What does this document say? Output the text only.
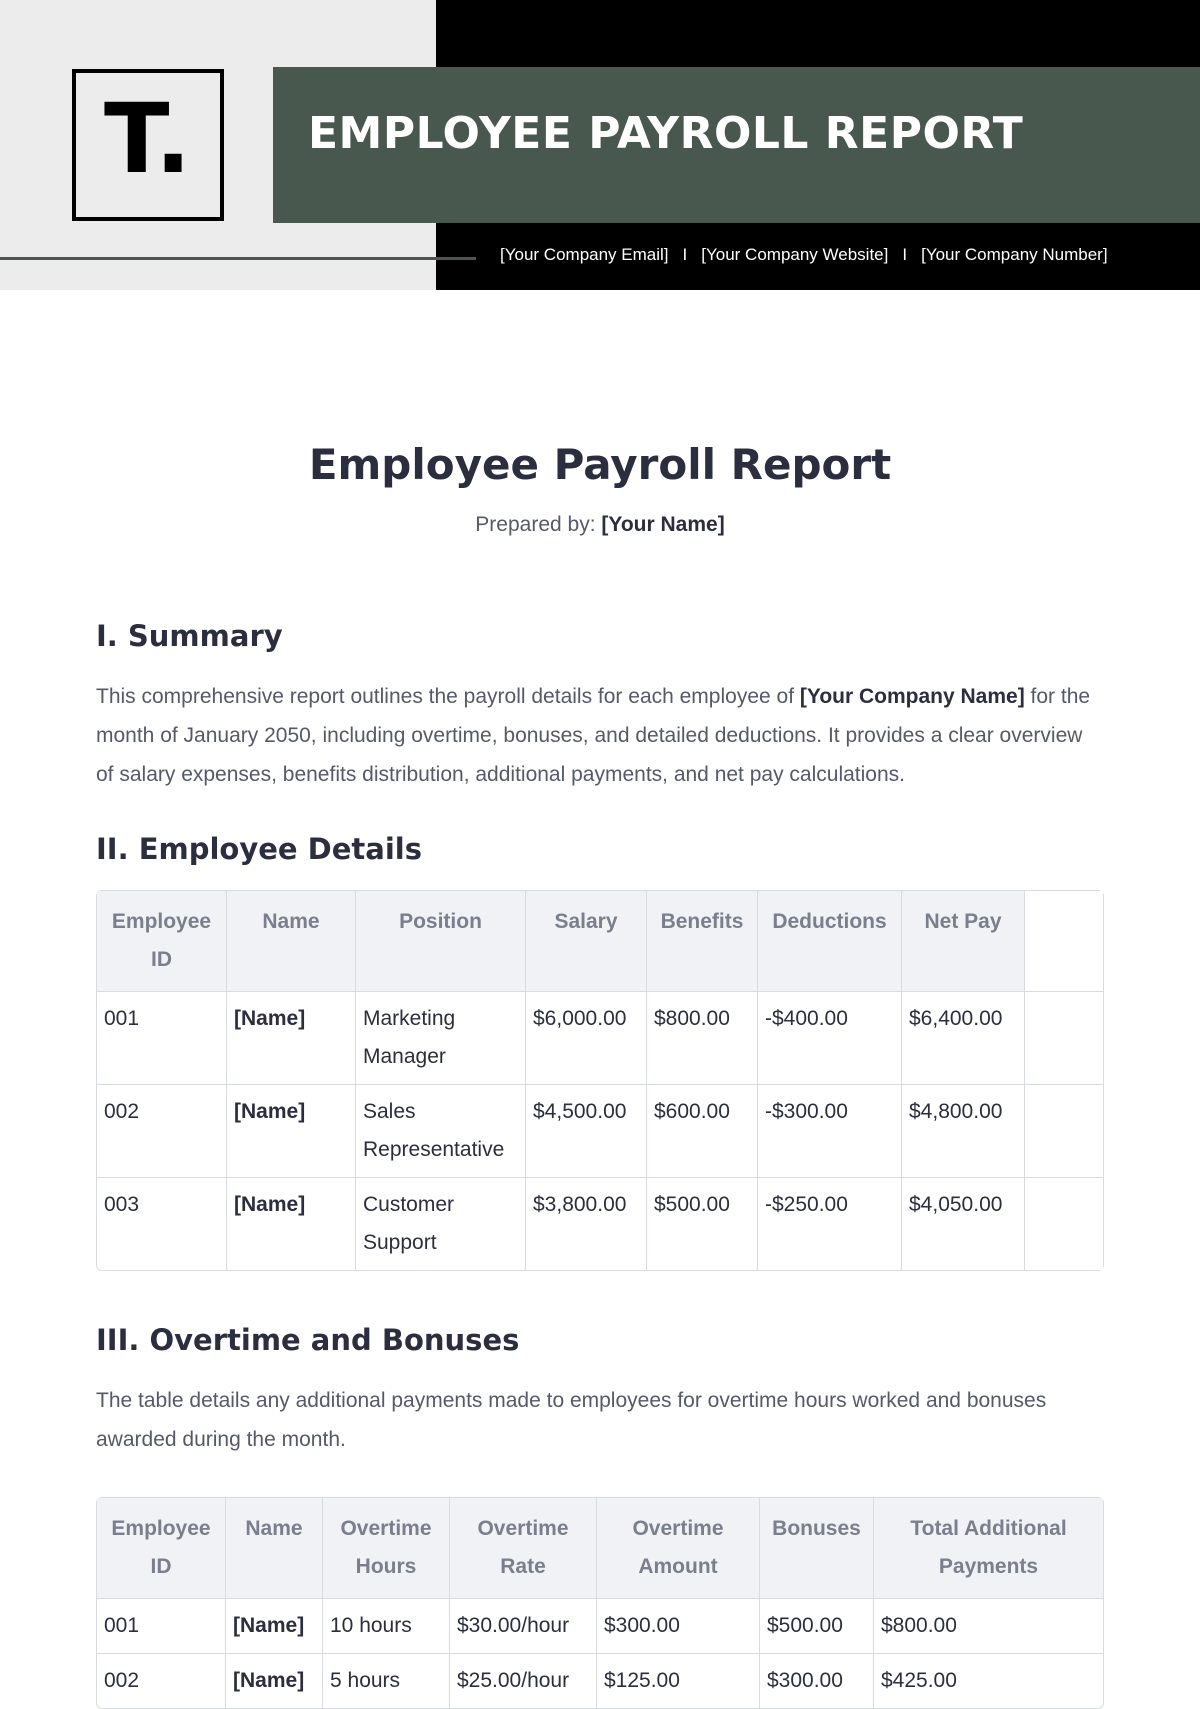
EMPLOYEE PAYROLL REPORT
T.
[Your Company Email] I [Your Company Website] I [Your Company Number]
Employee Payroll Report

Prepared by: [Your Name]

I. Summary

This comprehensive report outlines the payroll details for each employee of [Your Company Name] for the month of January 2050, including overtime, bonuses, and detailed deductions. It provides a clear overview of salary expenses, benefits distribution, additional payments, and net pay calculations.

II. Employee Details
Employee ID	Name	Position	Salary	Benefits	Deductions	Net Pay	
001	[Name]	Marketing Manager	$6,000.00	$800.00	-$400.00	$6,400.00	
002	[Name]	Sales Representative	$4,500.00	$600.00	-$300.00	$4,800.00	
003	[Name]	Customer Support	$3,800.00	$500.00	-$250.00	$4,050.00	
III. Overtime and Bonuses

The table details any additional payments made to employees for overtime hours worked and bonuses awarded during the month.

Employee ID	Name	Overtime Hours	Overtime Rate	Overtime Amount	Bonuses	Total Additional Payments
001	[Name]	10 hours	$30.00/hour	$300.00	$500.00	$800.00
002	[Name]	5 hours	$25.00/hour	$125.00	$300.00	$425.00
